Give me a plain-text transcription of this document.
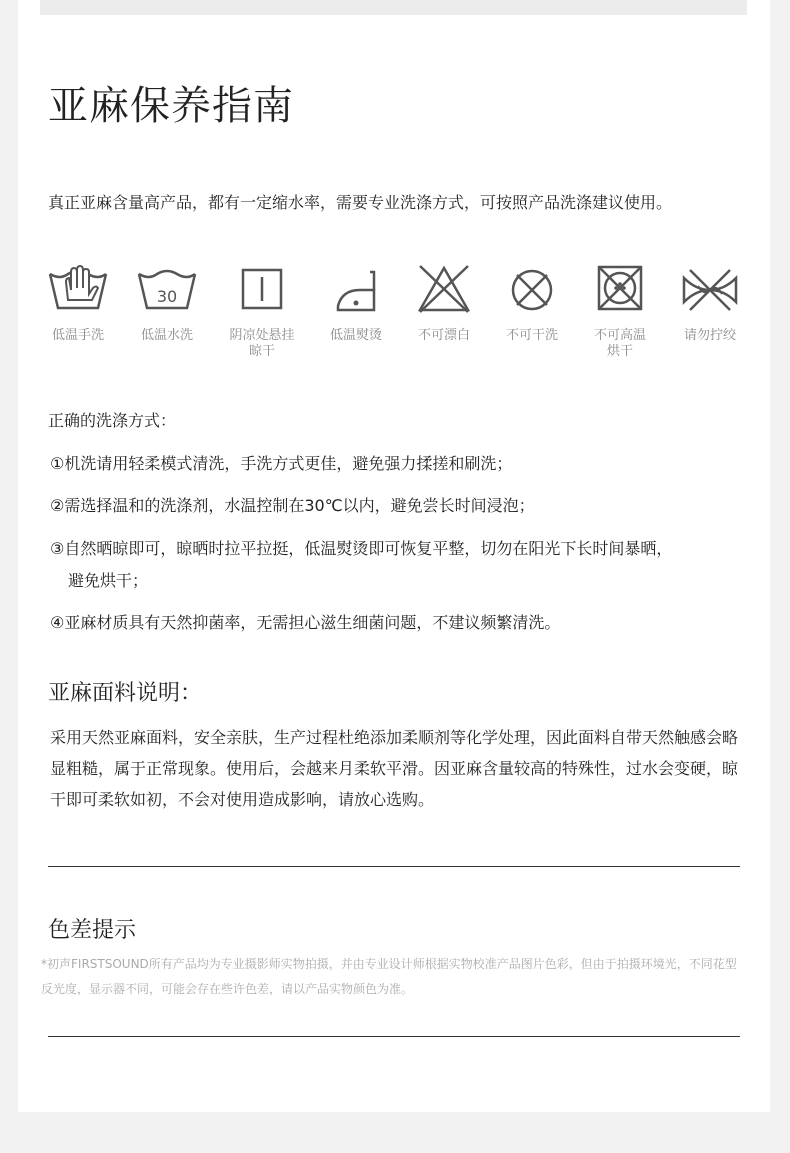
亚麻保养指南
真正亚麻含量高产品，都有一定缩水率，需要专业洗涤方式，可按照产品洗涤建议使用。
低温手洗
30
低温水洗	阴凉处悬挂
晾干
低温熨烫	不可漂白	不可干洗	不可高温
烘干
请勿拧绞
正确的洗涤方式：
①机洗请用轻柔模式清洗，手洗方式更佳，避免强力揉搓和刷洗；
②需选择温和的洗涤剂，水温控制在30℃以内，避免尝长时间浸泡；
③自然晒晾即可，晾晒时拉平拉挺，低温熨烫即可恢复平整，切勿在阳光下长时间暴晒，
避免烘干；
④亚麻材质具有天然抑菌率，无需担心滋生细菌问题，不建议频繁清洗。
亚麻面料说明：

采用天然亚麻面料，安全亲肤，生产过程杜绝添加柔顺剂等化学处理，因此面料自带天然触感会略显粗糙，属于正常现象。使用后，会越来月柔软平滑。因亚麻含量较高的特殊性，过水会变硬，晾干即可柔软如初，不会对使用造成影响，请放心选购。

色差提示

*初声FIRSTSOUND所有产品均为专业摄影师实物拍摄，并由专业设计师根据实物校准产品图片色彩，但由于拍摄环境光，不同花型反光度，显示器不同，可能会存在些许色差，请以产品实物颜色为准。
